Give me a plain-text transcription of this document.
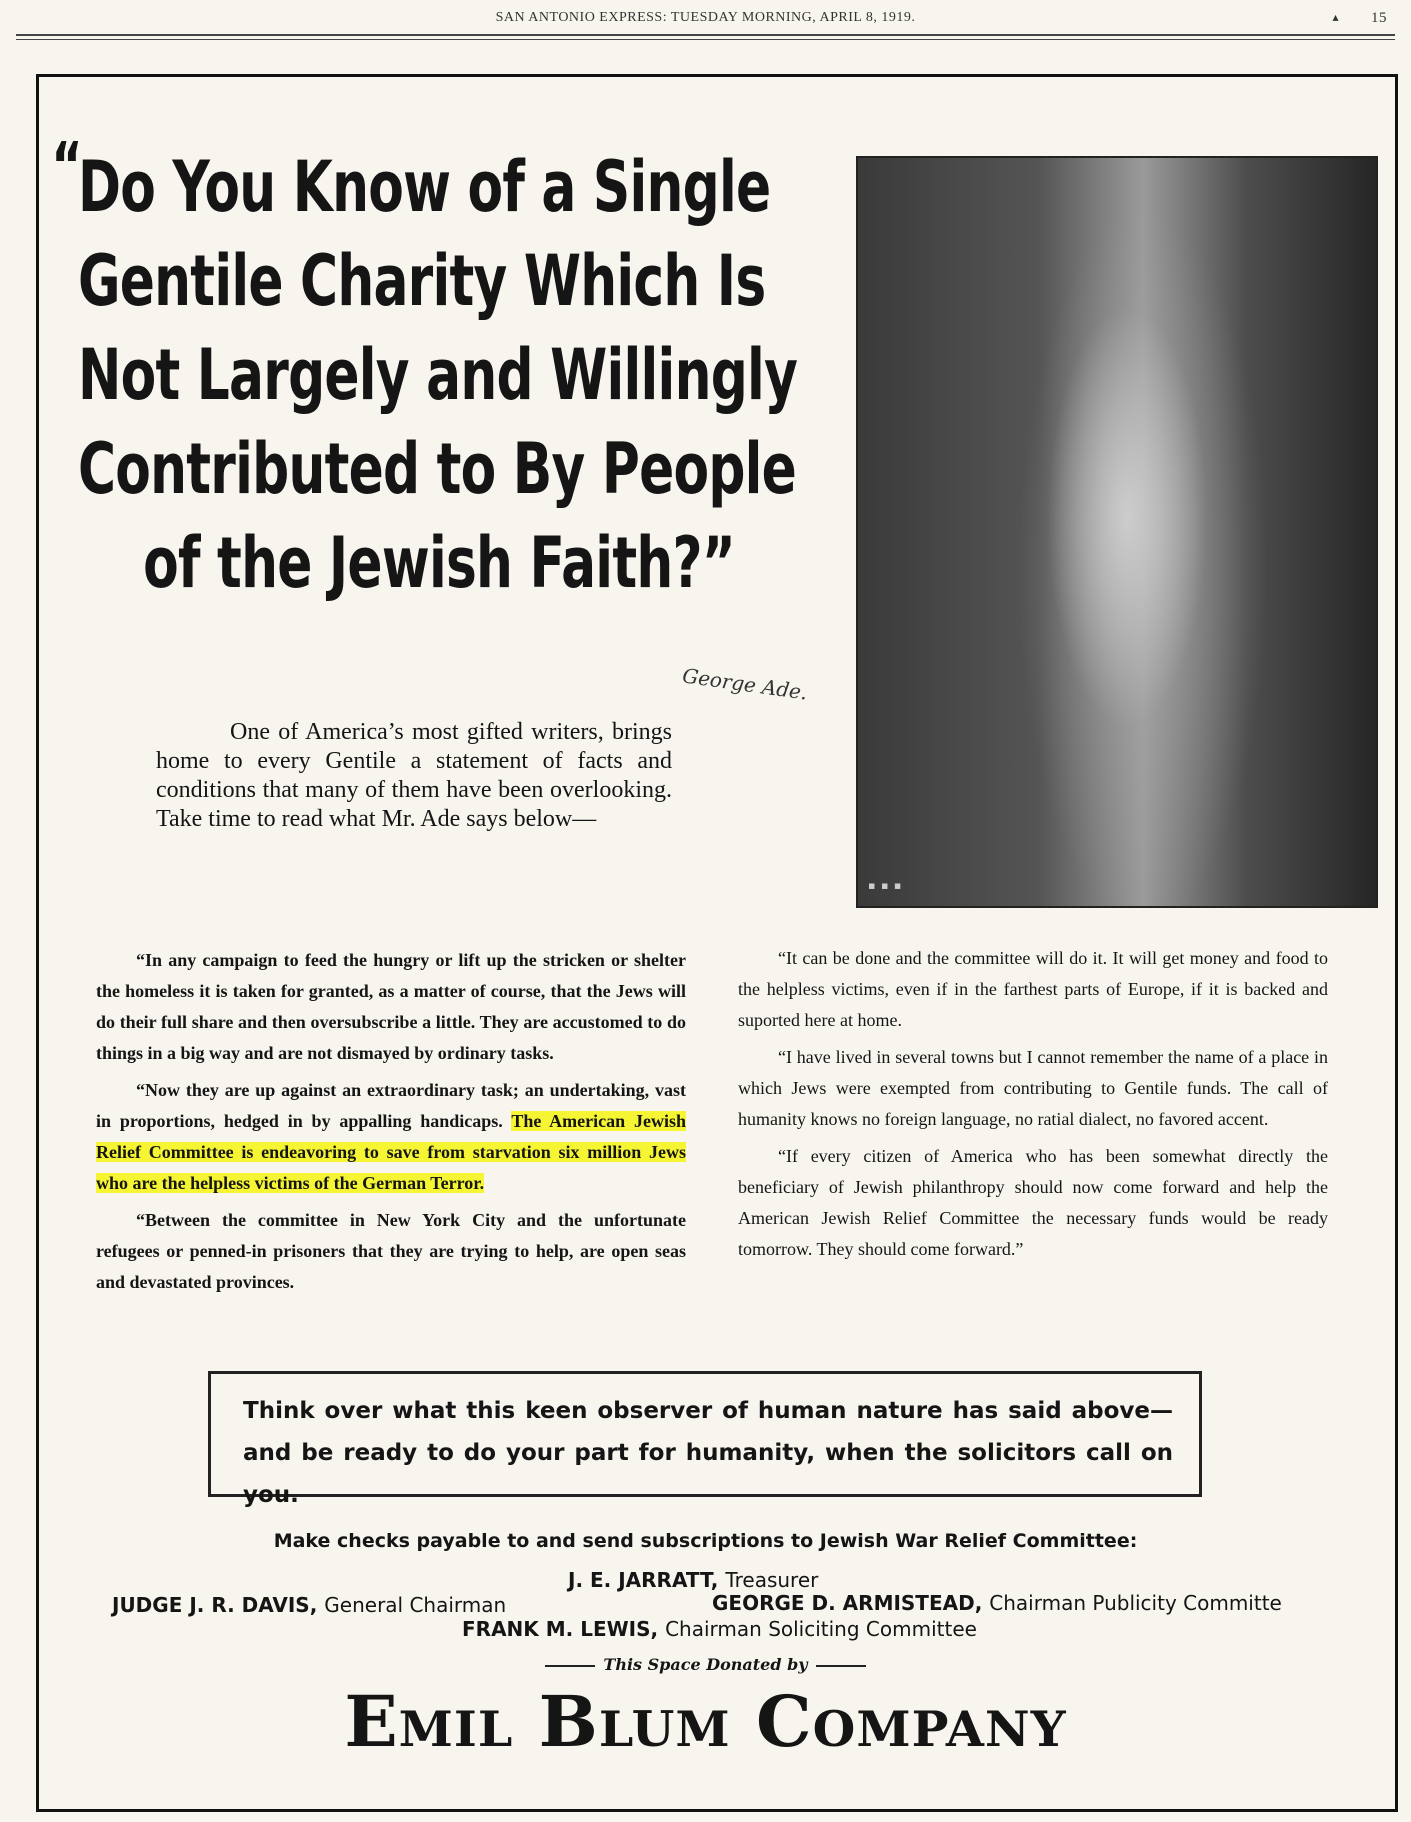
SAN ANTONIO EXPRESS: TUESDAY MORNING, APRIL 8, 1919.	▴ 15
“
Do You Know of a Single
Gentile Charity Which Is
Not Largely and Willingly
Contributed to By People
of the Jewish Faith?”
George Ade.
One of America’s most gifted writers, brings home to every Gentile a statement of facts and conditions that many of them have been overlooking. Take time to read what Mr. Ade says below—
▪ ▪ ▪

“In any campaign to feed the hungry or lift up the stricken or shelter the homeless it is taken for granted, as a matter of course, that the Jews will do their full share and then oversubscribe a little. They are accustomed to do things in a big way and are not dismayed by ordinary tasks.

“Now they are up against an extraordinary task; an undertaking, vast in proportions, hedged in by appalling handicaps. The American Jewish Relief Committee is endeavoring to save from starvation six million Jews who are the helpless victims of the German Terror.

“Between the committee in New York City and the unfortunate refugees or penned-in prisoners that they are trying to help, are open seas and devastated provinces.

“It can be done and the committee will do it. It will get money and food to the helpless victims, even if in the farthest parts of Europe, if it is backed and suported here at home.

“I have lived in several towns but I cannot remember the name of a place in which Jews were exempted from contributing to Gentile funds. The call of humanity knows no foreign language, no ratial dialect, no favored accent.

“If every citizen of America who has been somewhat directly the beneficiary of Jewish philanthropy should now come forward and help the American Jewish Relief Committee the necessary funds would be ready tomorrow. They should come forward.”

Think over what this keen observer of human nature has said above—and be ready to do your part for humanity, when the solicitors call on you.
Make checks payable to and send subscriptions to Jewish War Relief Committee:
J. E. JARRATT, Treasurer
JUDGE J. R. DAVIS, General Chairman	GEORGE D. ARMISTEAD, Chairman Publicity Committe
FRANK M. LEWIS, Chairman Soliciting Committee
This Space Donated by
Emil Blum Company
